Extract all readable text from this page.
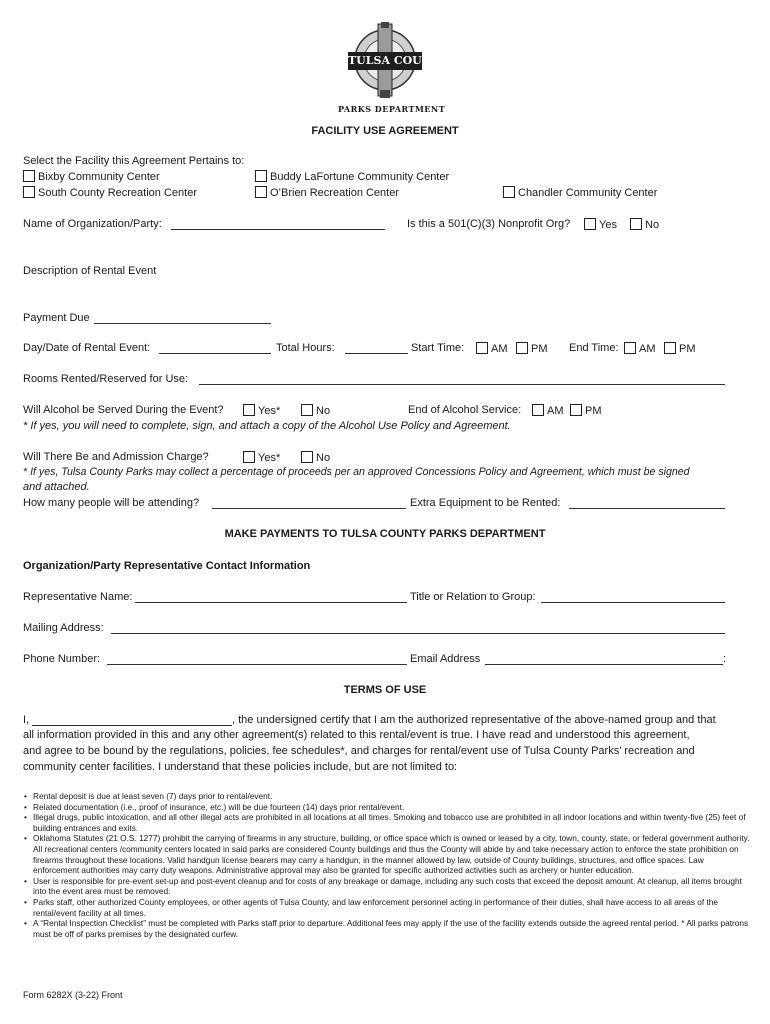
TULSA COUNTY
PARKS DEPARTMENT
FACILITY USE AGREEMENT
Select the Facility this Agreement Pertains to:
Bixby Community Center	Buddy LaFortune Community Center
South County Recreation Center	O’Brien Recreation Center	Chandler Community Center
Name of Organization/Party:	Is this a 501(C)(3) Nonprofit Org?	Yes	No
Description of Rental Event
Payment Due
Day/Date of Rental Event:	Total Hours:	Start Time:	AM	PM End Time:	AM	PM
Rooms Rented/Reserved for Use:
Will Alcohol be Served During the Event?	Yes*	No	End of Alcohol Service:	AM	PM
* If yes, you will need to complete, sign, and attach a copy of the Alcohol Use Policy and Agreement.
Will There Be and Admission Charge?	Yes*	No
* If yes, Tulsa County Parks may collect a percentage of proceeds per an approved Concessions Policy and Agreement, which must be signed
and attached.
How many people will be attending?	Extra Equipment to be Rented:
MAKE PAYMENTS TO TULSA COUNTY PARKS DEPARTMENT
Organization/Party Representative Contact Information
Representative Name:	Title or Relation to Group:
Mailing Address:
Phone Number:	Email Address	:
TERMS OF USE
I,	, the undersigned certify that I am the authorized representative of the above-named group and that
all information provided in this and any other agreement(s) related to this rental/event is true. I have read and understood this agreement,
and agree to be bound by the regulations, policies, fee schedules*, and charges for rental/event use of Tulsa County Parks’ recreation and
community center facilities. I understand that these policies include, but are not limited to:
• Rental deposit is due at least seven (7) days prior to rental/event.
• Related documentation (i.e., proof of insurance, etc.) will be due fourteen (14) days prior rental/event.
• Illegal drugs, public intoxication, and all other illegal acts are prohibited in all locations at all times. Smoking and tobacco use are prohibited in all indoor locations and within twenty-five (25) feet of building entrances and exits.
• Oklahoma Statutes (21 O.S. 1277) prohibit the carrying of firearms in any structure, building, or office space which is owned or leased by a city, town, county, state, or federal government authority. All recreational centers /community centers located in said parks are considered County buildings and thus the County will abide by and take necessary action to enforce the state prohibition on firearms throughout these locations. Valid handgun license bearers may carry a handgun, in the manner allowed by law, outside of County buildings, structures, and office spaces. Law enforcement authorities may carry duty weapons. Administrative approval may also be granted for specific authorized activities such as archery or hunter education.
• User is responsible for pre-event set-up and post-event cleanup and for costs of any breakage or damage, including any such costs that exceed the deposit amount. At cleanup, all items brought into the event area must be removed.
• Parks staff, other authorized County employees, or other agents of Tulsa County, and law enforcement personnel acting in performance of their duties, shall have access to all areas of the rental/event facility at all times.
• A “Rental Inspection Checklist” must be completed with Parks staff prior to departure. Additional fees may apply if the use of the facility extends outside the agreed rental period. * All parks patrons must be off of parks premises by the designated curfew.
Form 6282X (3-22) Front
